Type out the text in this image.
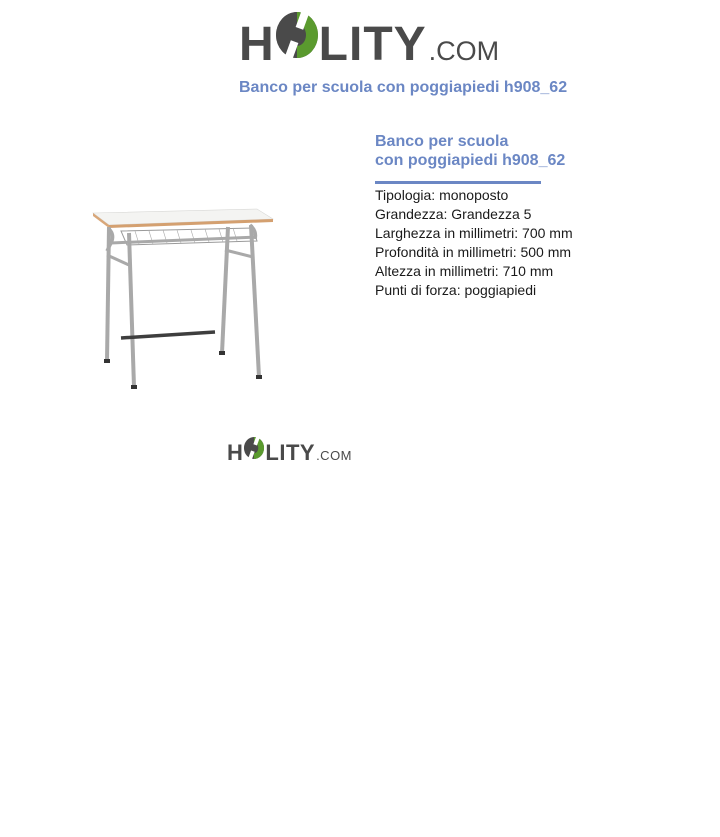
H LITY .COM
Banco per scuola con poggiapiedi h908_62
Banco per scuola
con poggiapiedi h908_62
Tipologia: monoposto
Grandezza: Grandezza 5
Larghezza in millimetri: 700 mm
Profondità in millimetri: 500 mm
Altezza in millimetri: 710 mm
Punti di forza: poggiapiedi
H LITY .COM
